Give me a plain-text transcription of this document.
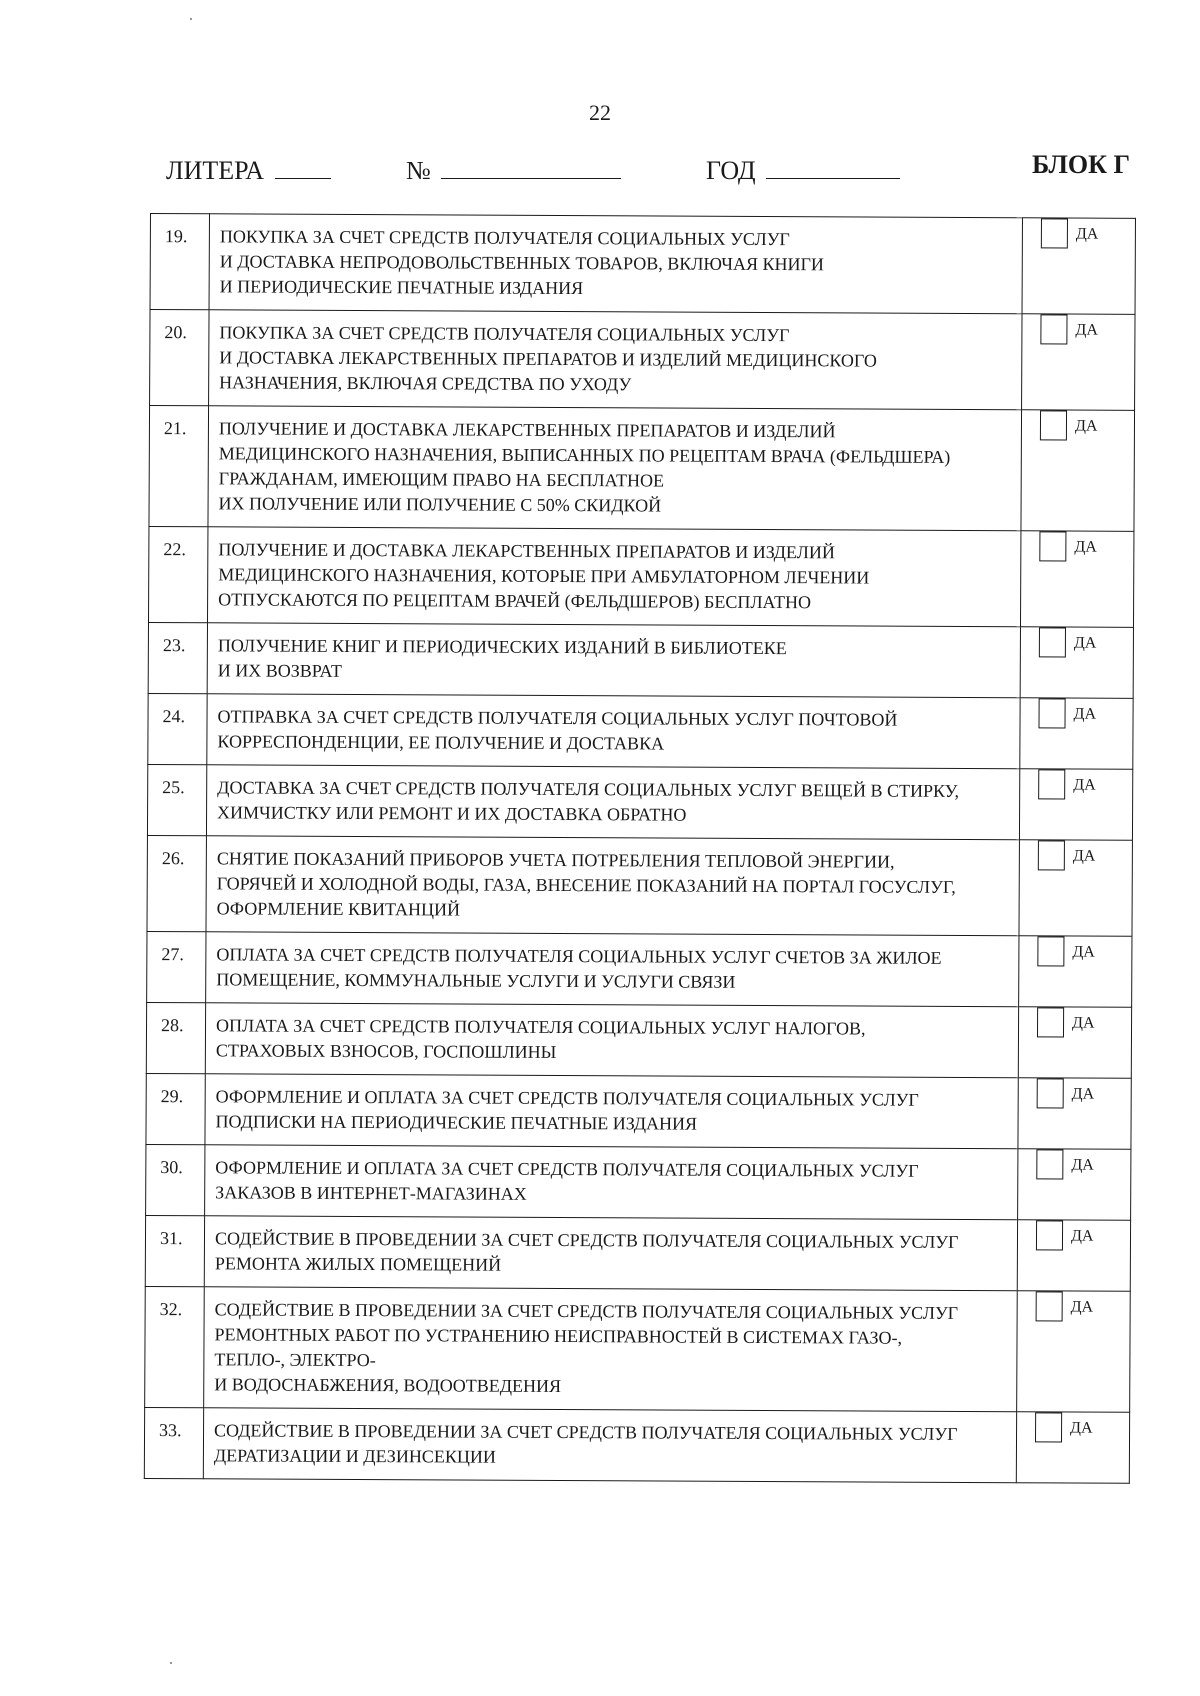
22
ЛИТЕРА	№	ГОД	БЛОК Г
19.	ПОКУПКА ЗА СЧЕТ СРЕДСТВ ПОЛУЧАТЕЛЯ СОЦИАЛЬНЫХ УСЛУГ
И ДОСТАВКА НЕПРОДОВОЛЬСТВЕННЫХ ТОВАРОВ, ВКЛЮЧАЯ КНИГИ
И ПЕРИОДИЧЕСКИЕ ПЕЧАТНЫЕ ИЗДАНИЯ	ДА
20.	ПОКУПКА ЗА СЧЕТ СРЕДСТВ ПОЛУЧАТЕЛЯ СОЦИАЛЬНЫХ УСЛУГ
И ДОСТАВКА ЛЕКАРСТВЕННЫХ ПРЕПАРАТОВ И ИЗДЕЛИЙ МЕДИЦИНСКОГО
НАЗНАЧЕНИЯ, ВКЛЮЧАЯ СРЕДСТВА ПО УХОДУ	ДА
21.	ПОЛУЧЕНИЕ И ДОСТАВКА ЛЕКАРСТВЕННЫХ ПРЕПАРАТОВ И ИЗДЕЛИЙ
МЕДИЦИНСКОГО НАЗНАЧЕНИЯ, ВЫПИСАННЫХ ПО РЕЦЕПТАМ ВРАЧА (ФЕЛЬДШЕРА)
ГРАЖДАНАМ, ИМЕЮЩИМ ПРАВО НА БЕСПЛАТНОЕ
ИХ ПОЛУЧЕНИЕ ИЛИ ПОЛУЧЕНИЕ С 50% СКИДКОЙ	ДА
22.	ПОЛУЧЕНИЕ И ДОСТАВКА ЛЕКАРСТВЕННЫХ ПРЕПАРАТОВ И ИЗДЕЛИЙ
МЕДИЦИНСКОГО НАЗНАЧЕНИЯ, КОТОРЫЕ ПРИ АМБУЛАТОРНОМ ЛЕЧЕНИИ
ОТПУСКАЮТСЯ ПО РЕЦЕПТАМ ВРАЧЕЙ (ФЕЛЬДШЕРОВ) БЕСПЛАТНО	ДА
23.	ПОЛУЧЕНИЕ КНИГ И ПЕРИОДИЧЕСКИХ ИЗДАНИЙ В БИБЛИОТЕКЕ
И ИХ ВОЗВРАТ	ДА
24.	ОТПРАВКА ЗА СЧЕТ СРЕДСТВ ПОЛУЧАТЕЛЯ СОЦИАЛЬНЫХ УСЛУГ ПОЧТОВОЙ
КОРРЕСПОНДЕНЦИИ, ЕЕ ПОЛУЧЕНИЕ И ДОСТАВКА	ДА
25.	ДОСТАВКА ЗА СЧЕТ СРЕДСТВ ПОЛУЧАТЕЛЯ СОЦИАЛЬНЫХ УСЛУГ ВЕЩЕЙ В СТИРКУ,
ХИМЧИСТКУ ИЛИ РЕМОНТ И ИХ ДОСТАВКА ОБРАТНО	ДА
26.	СНЯТИЕ ПОКАЗАНИЙ ПРИБОРОВ УЧЕТА ПОТРЕБЛЕНИЯ ТЕПЛОВОЙ ЭНЕРГИИ,
ГОРЯЧЕЙ И ХОЛОДНОЙ ВОДЫ, ГАЗА, ВНЕСЕНИЕ ПОКАЗАНИЙ НА ПОРТАЛ ГОСУСЛУГ,
ОФОРМЛЕНИЕ КВИТАНЦИЙ	ДА
27.	ОПЛАТА ЗА СЧЕТ СРЕДСТВ ПОЛУЧАТЕЛЯ СОЦИАЛЬНЫХ УСЛУГ СЧЕТОВ ЗА ЖИЛОЕ
ПОМЕЩЕНИЕ, КОММУНАЛЬНЫЕ УСЛУГИ И УСЛУГИ СВЯЗИ	ДА
28.	ОПЛАТА ЗА СЧЕТ СРЕДСТВ ПОЛУЧАТЕЛЯ СОЦИАЛЬНЫХ УСЛУГ НАЛОГОВ,
СТРАХОВЫХ ВЗНОСОВ, ГОСПОШЛИНЫ	ДА
29.	ОФОРМЛЕНИЕ И ОПЛАТА ЗА СЧЕТ СРЕДСТВ ПОЛУЧАТЕЛЯ СОЦИАЛЬНЫХ УСЛУГ
ПОДПИСКИ НА ПЕРИОДИЧЕСКИЕ ПЕЧАТНЫЕ ИЗДАНИЯ	ДА
30.	ОФОРМЛЕНИЕ И ОПЛАТА ЗА СЧЕТ СРЕДСТВ ПОЛУЧАТЕЛЯ СОЦИАЛЬНЫХ УСЛУГ
ЗАКАЗОВ В ИНТЕРНЕТ-МАГАЗИНАХ	ДА
31.	СОДЕЙСТВИЕ В ПРОВЕДЕНИИ ЗА СЧЕТ СРЕДСТВ ПОЛУЧАТЕЛЯ СОЦИАЛЬНЫХ УСЛУГ
РЕМОНТА ЖИЛЫХ ПОМЕЩЕНИЙ	ДА
32.	СОДЕЙСТВИЕ В ПРОВЕДЕНИИ ЗА СЧЕТ СРЕДСТВ ПОЛУЧАТЕЛЯ СОЦИАЛЬНЫХ УСЛУГ
РЕМОНТНЫХ РАБОТ ПО УСТРАНЕНИЮ НЕИСПРАВНОСТЕЙ В СИСТЕМАХ ГАЗО-,
ТЕПЛО-, ЭЛЕКТРО-
И ВОДОСНАБЖЕНИЯ, ВОДООТВЕДЕНИЯ	ДА
33.	СОДЕЙСТВИЕ В ПРОВЕДЕНИИ ЗА СЧЕТ СРЕДСТВ ПОЛУЧАТЕЛЯ СОЦИАЛЬНЫХ УСЛУГ
ДЕРАТИЗАЦИИ И ДЕЗИНСЕКЦИИ	ДА
